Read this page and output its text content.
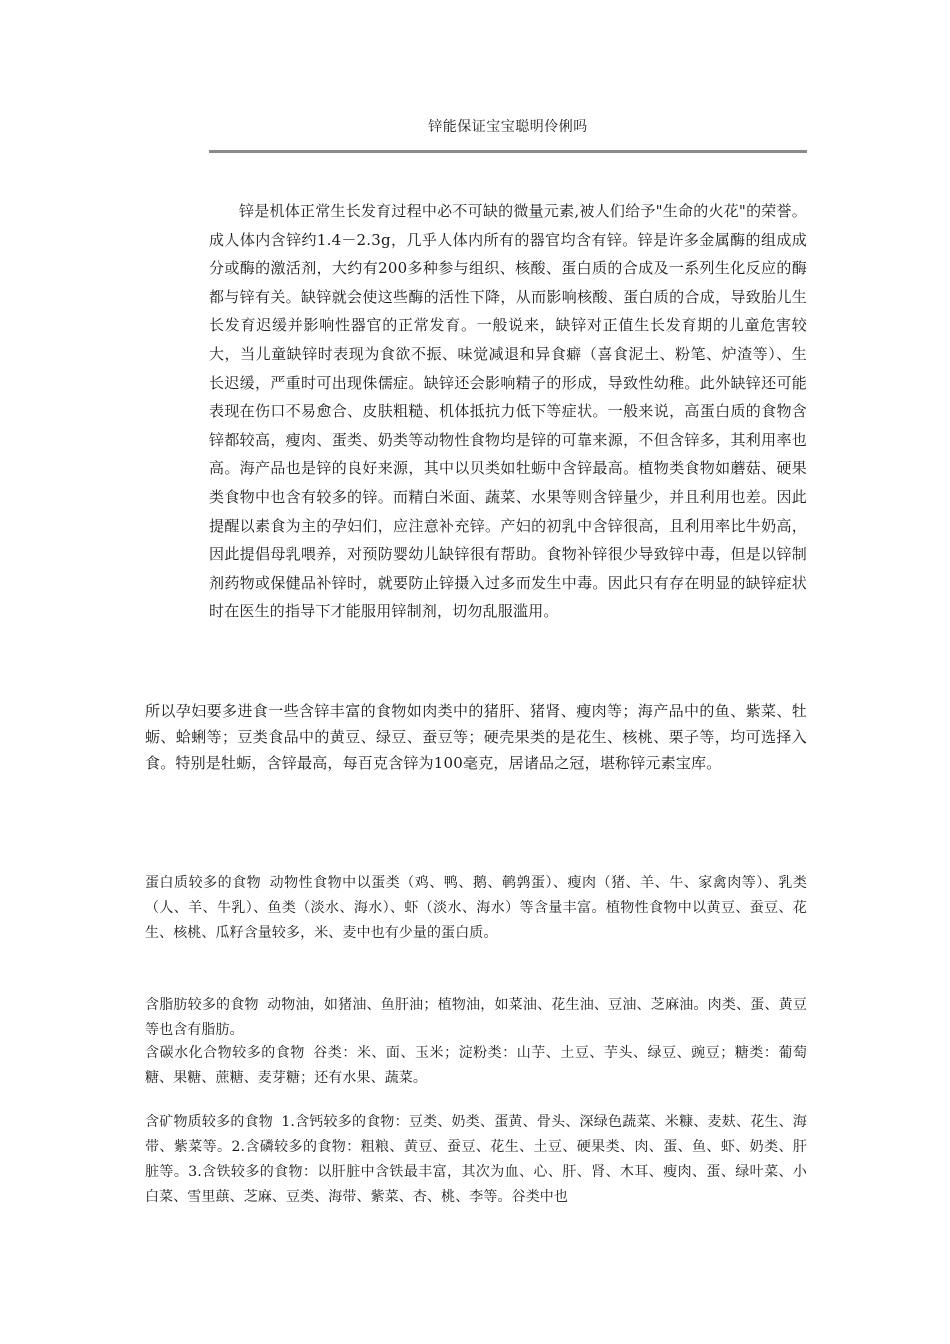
锌能保证宝宝聪明伶俐吗

锌是机体正常生长发育过程中必不可缺的微量元素,被人们给予"生命的火花"的荣誉。成人体内含锌约1.4－2.3g，几乎人体内所有的器官均含有锌。锌是许多金属酶的组成成分或酶的激活剂，大约有200多种参与组织、核酸、蛋白质的合成及一系列生化反应的酶都与锌有关。缺锌就会使这些酶的活性下降，从而影响核酸、蛋白质的合成，导致胎儿生长发育迟缓并影响性器官的正常发育。一般说来，缺锌对正值生长发育期的儿童危害较大，当儿童缺锌时表现为食欲不振、味觉减退和异食癖（喜食泥土、粉笔、炉渣等）、生长迟缓，严重时可出现侏儒症。缺锌还会影响精子的形成，导致性幼稚。此外缺锌还可能表现在伤口不易愈合、皮肤粗糙、机体抵抗力低下等症状。一般来说，高蛋白质的食物含锌都较高，瘦肉、蛋类、奶类等动物性食物均是锌的可靠来源，不但含锌多，其利用率也高。海产品也是锌的良好来源，其中以贝类如牡蛎中含锌最高。植物类食物如蘑菇、硬果类食物中也含有较多的锌。而精白米面、蔬菜、水果等则含锌量少，并且利用也差。因此提醒以素食为主的孕妇们，应注意补充锌。产妇的初乳中含锌很高，且利用率比牛奶高，因此提倡母乳喂养，对预防婴幼儿缺锌很有帮助。食物补锌很少导致锌中毒，但是以锌制剂药物或保健品补锌时，就要防止锌摄入过多而发生中毒。因此只有存在明显的缺锌症状时在医生的指导下才能服用锌制剂，切勿乱服滥用。

所以孕妇要多进食一些含锌丰富的食物如肉类中的猪肝、猪肾、瘦肉等；海产品中的鱼、紫菜、牡蛎、蛤蜊等；豆类食品中的黄豆、绿豆、蚕豆等；硬壳果类的是花生、核桃、栗子等，均可选择入食。特别是牡蛎，含锌最高，每百克含锌为100毫克，居诸品之冠，堪称锌元素宝库。

蛋白质较多的食物 动物性食物中以蛋类（鸡、鸭、鹅、鹌鹑蛋）、瘦肉（猪、羊、牛、家禽肉等）、乳类（人、羊、牛乳）、鱼类（淡水、海水）、虾（淡水、海水）等含量丰富。植物性食物中以黄豆、蚕豆、花生、核桃、瓜籽含量较多，米、麦中也有少量的蛋白质。

含脂肪较多的食物 动物油，如猪油、鱼肝油；植物油，如菜油、花生油、豆油、芝麻油。肉类、蛋、黄豆等也含有脂肪。

含碳水化合物较多的食物 谷类：米、面、玉米；淀粉类：山芋、土豆、芋头、绿豆、豌豆；糖类：葡萄糖、果糖、蔗糖、麦芽糖；还有水果、蔬菜。

含矿物质较多的食物 1.含钙较多的食物：豆类、奶类、蛋黄、骨头、深绿色蔬菜、米糠、麦麸、花生、海带、紫菜等。2.含磷较多的食物：粗粮、黄豆、蚕豆、花生、土豆、硬果类、肉、蛋、鱼、虾、奶类、肝脏等。3.含铁较多的食物：以肝脏中含铁最丰富，其次为血、心、肝、肾、木耳、瘦肉、蛋、绿叶菜、小白菜、雪里蕻、芝麻、豆类、海带、紫菜、杏、桃、李等。谷类中也
